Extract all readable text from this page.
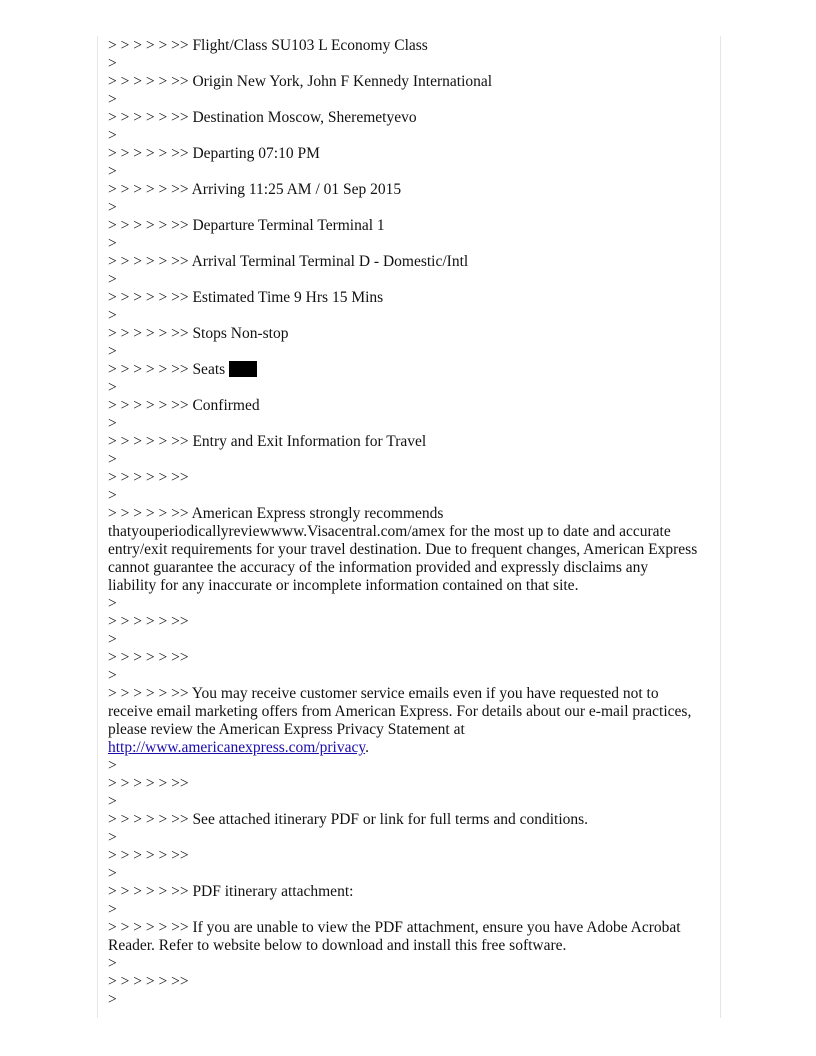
> > > > > >> Flight/Class SU103 L Economy Class
>
> > > > > >> Origin New York, John F Kennedy International
>
> > > > > >> Destination Moscow, Sheremetyevo
>
> > > > > >> Departing 07:10 PM
>
> > > > > >> Arriving 11:25 AM / 01 Sep 2015
>
> > > > > >> Departure Terminal Terminal 1
>
> > > > > >> Arrival Terminal Terminal D - Domestic/Intl
>
> > > > > >> Estimated Time 9 Hrs 15 Mins
>
> > > > > >> Stops Non-stop
>
> > > > > >> Seats
>
> > > > > >> Confirmed
>
> > > > > >> Entry and Exit Information for Travel
>
> > > > > >>
>
> > > > > >> American Express strongly recommends thatyouperiodicallyreviewwww.Visacentral.com/amex for the most up to date and accurate entry/exit requirements for your travel destination. Due to frequent changes, American Express cannot guarantee the accuracy of the information provided and expressly disclaims any liability for any inaccurate or incomplete information contained on that site.
>
> > > > > >>
>
> > > > > >>
>
> > > > > >> You may receive customer service emails even if you have requested not to receive email marketing offers from American Express. For details about our e-mail practices, please review the American Express Privacy Statement at http://www.americanexpress.com/privacy.
>
> > > > > >>
>
> > > > > >> See attached itinerary PDF or link for full terms and conditions.
>
> > > > > >>
>
> > > > > >> PDF itinerary attachment:
>
> > > > > >> If you are unable to view the PDF attachment, ensure you have Adobe Acrobat Reader. Refer to website below to download and install this free software.
>
> > > > > >>
>
